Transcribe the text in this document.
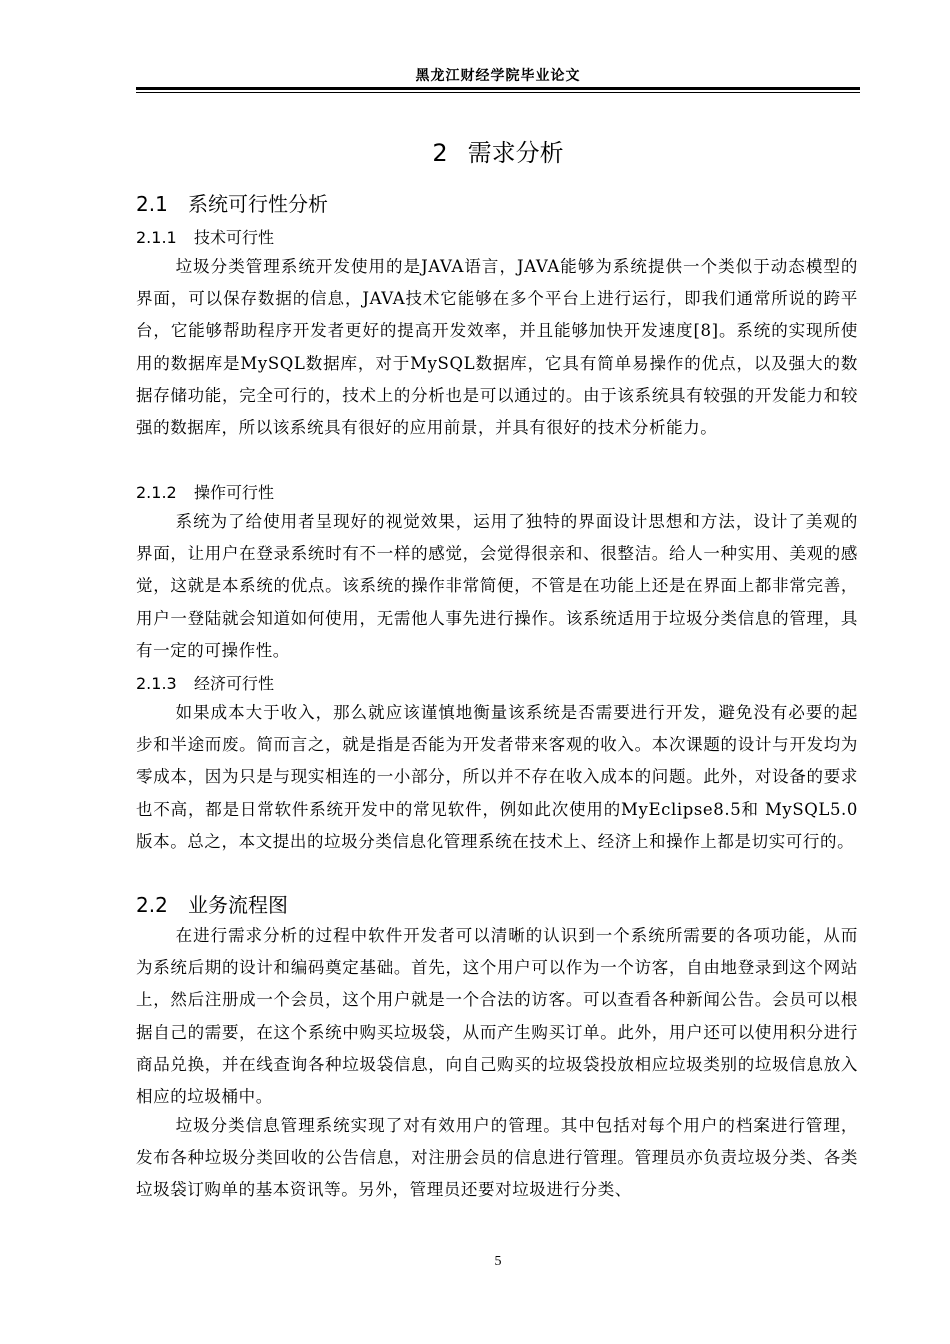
黑龙江财经学院毕业论文
2 需求分析
2.1 系统可行性分析
2.1.1 技术可行性
垃圾分类管理系统开发使用的是JAVA语言，JAVA能够为系统提供一个类似于动态模型的界面，可以保存数据的信息，JAVA技术它能够在多个平台上进行运行，即我们通常所说的跨平台，它能够帮助程序开发者更好的提高开发效率，并且能够加快开发速度[8]。系统的实现所使用的数据库是MySQL数据库，对于MySQL数据库，它具有简单易操作的优点，以及强大的数据存储功能，完全可行的，技术上的分析也是可以通过的。由于该系统具有较强的开发能力和较强的数据库，所以该系统具有很好的应用前景，并具有很好的技术分析能力。
2.1.2 操作可行性
系统为了给使用者呈现好的视觉效果，运用了独特的界面设计思想和方法，设计了美观的界面，让用户在登录系统时有不一样的感觉，会觉得很亲和、很整洁。给人一种实用、美观的感觉，这就是本系统的优点。该系统的操作非常简便，不管是在功能上还是在界面上都非常完善，用户一登陆就会知道如何使用，无需他人事先进行操作。该系统适用于垃圾分类信息的管理，具有一定的可操作性。
2.1.3 经济可行性
如果成本大于收入，那么就应该谨慎地衡量该系统是否需要进行开发，避免没有必要的起步和半途而废。简而言之，就是指是否能为开发者带来客观的收入。本次课题的设计与开发均为零成本，因为只是与现实相连的一小部分，所以并不存在收入成本的问题。此外，对设备的要求也不高，都是日常软件系统开发中的常见软件，例如此次使用的MyEclipse8.5和 MySQL5.0版本。总之，本文提出的垃圾分类信息化管理系统在技术上、经济上和操作上都是切实可行的。
2.2 业务流程图
在进行需求分析的过程中软件开发者可以清晰的认识到一个系统所需要的各项功能，从而为系统后期的设计和编码奠定基础。首先，这个用户可以作为一个访客，自由地登录到这个网站上，然后注册成一个会员，这个用户就是一个合法的访客。可以查看各种新闻公告。会员可以根据自己的需要，在这个系统中购买垃圾袋，从而产生购买订单。此外，用户还可以使用积分进行商品兑换，并在线查询各种垃圾袋信息，向自己购买的垃圾袋投放相应垃圾类别的垃圾信息放入相应的垃圾桶中。
垃圾分类信息管理系统实现了对有效用户的管理。其中包括对每个用户的档案进行管理，发布各种垃圾分类回收的公告信息，对注册会员的信息进行管理。管理员亦负责垃圾分类、各类垃圾袋订购单的基本资讯等。另外，管理员还要对垃圾进行分类、
5
